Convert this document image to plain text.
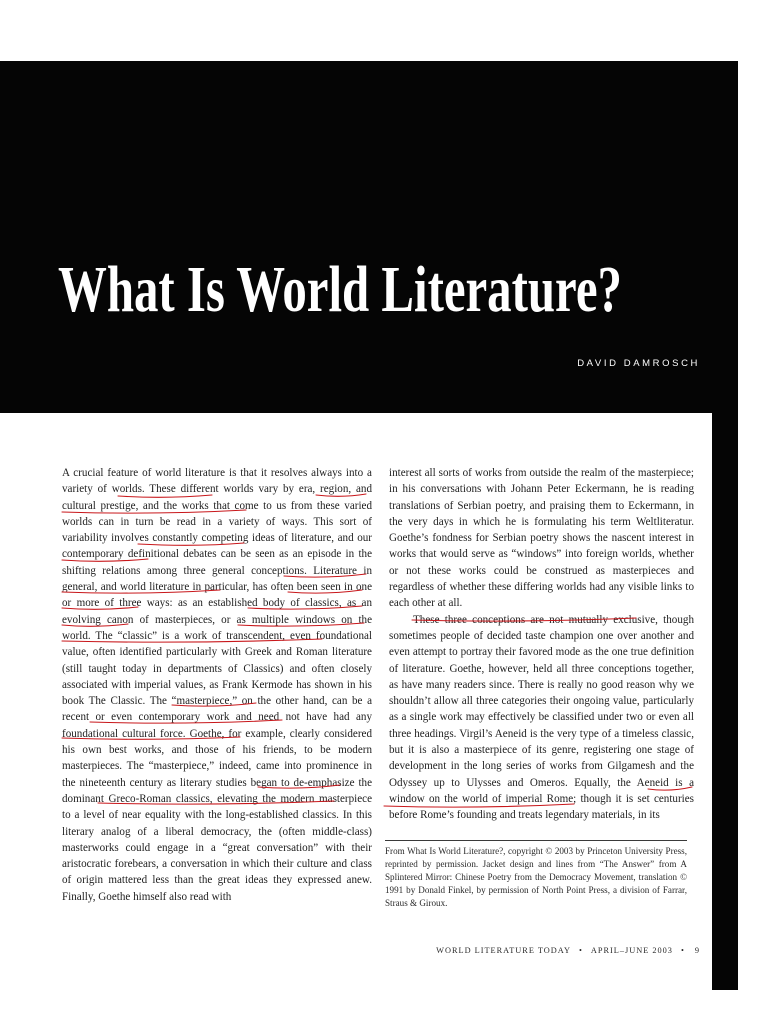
What Is World Literature?
DAVID DAMROSCH

A crucial feature of world literature is that it resolves always into a variety of worlds. These different worlds vary by era, region, and cultural prestige, and the works that come to us from these varied worlds can in turn be read in a variety of ways. This sort of variability involves constantly competing ideas of literature, and our contemporary definitional debates can be seen as an episode in the shifting relations among three general conceptions. Literature in general, and world literature in particular, has often been seen in one or more of three ways: as an established body of classics, as an evolving canon of masterpieces, or as multiple windows on the world. The “classic” is a work of transcendent, even foundational value, often identified particularly with Greek and Roman literature (still taught today in departments of Classics) and often closely associated with imperial values, as Frank Kermode has shown in his book The Classic. The “masterpiece,” on the other hand, can be a recent or even contemporary work and need not have had any foundational cultural force. Goethe, for example, clearly considered his own best works, and those of his friends, to be modern masterpieces. The “masterpiece,” indeed, came into prominence in the nineteenth century as literary studies began to de-emphasize the dominant Greco-Roman classics, elevating the modern masterpiece to a level of near equality with the long-established classics. In this literary analog of a liberal democracy, the (often middle-class) masterworks could engage in a “great conversation” with their aristocratic forebears, a conversation in which their culture and class of origin mattered less than the great ideas they expressed anew. Finally, Goethe himself also read with

interest all sorts of works from outside the realm of the masterpiece; in his conversations with Johann Peter Eckermann, he is reading translations of Serbian poetry, and praising them to Eckermann, in the very days in which he is formulating his term Weltliteratur. Goethe’s fondness for Serbian poetry shows the nascent interest in works that would serve as “windows” into foreign worlds, whether or not these works could be construed as masterpieces and regardless of whether these differing worlds had any visible links to each other at all.

These three conceptions are not mutually exclusive, though sometimes people of decided taste champion one over another and even attempt to portray their favored mode as the one true definition of literature. Goethe, however, held all three conceptions together, as have many readers since. There is really no good reason why we shouldn’t allow all three categories their ongoing value, particularly as a single work may effectively be classified under two or even all three headings. Virgil’s Aeneid is the very type of a timeless classic, but it is also a masterpiece of its genre, registering one stage of development in the long series of works from Gilgamesh and the Odyssey up to Ulysses and Omeros. Equally, the Aeneid is a window on the world of imperial Rome; though it is set centuries before Rome’s founding and treats legendary materials, in its

From What Is World Literature?, copyright © 2003 by Princeton University Press, reprinted by permission. Jacket design and lines from “The Answer” from A Splintered Mirror: Chinese Poetry from the Democracy Movement, translation © 1991 by Donald Finkel, by permission of North Point Press, a division of Farrar, Straus & Giroux.

WORLD LITERATURE TODAY • APRIL–JUNE 2003 • 9
